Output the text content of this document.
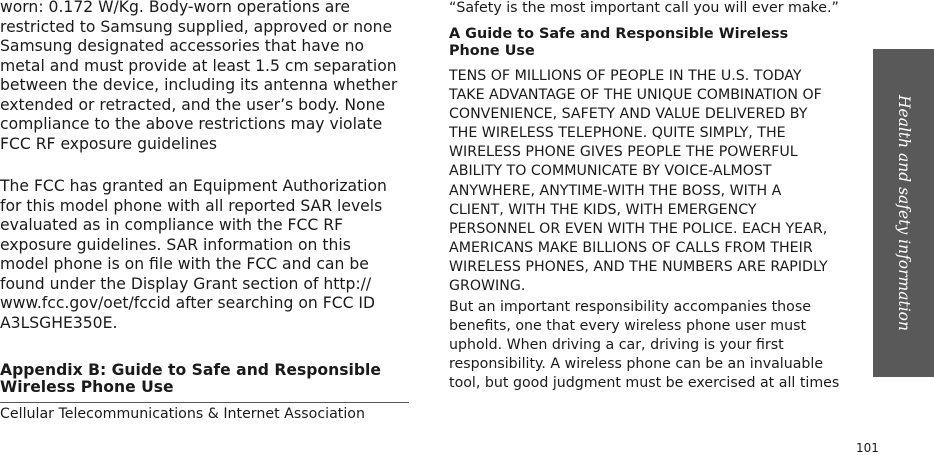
worn: 0.172 W/Kg. Body-worn operations are

restricted to Samsung supplied, approved or none

Samsung designated accessories that have no

metal and must provide at least 1.5 cm separation

between the device, including its antenna whether

extended or retracted, and the user’s body. None

compliance to the above restrictions may violate

FCC RF exposure guidelines

The FCC has granted an Equipment Authorization

for this model phone with all reported SAR levels

evaluated as in compliance with the FCC RF

exposure guidelines. SAR information on this

model phone is on file with the FCC and can be

found under the Display Grant section of http://

www.fcc.gov/oet/fccid after searching on FCC ID

A3LSGHE350E.

Appendix B: Guide to Safe and Responsible

Wireless Phone Use

Cellular Telecommunications & Internet Association

“Safety is the most important call you will ever make.”

A Guide to Safe and Responsible Wireless

Phone Use

TENS OF MILLIONS OF PEOPLE IN THE U.S. TODAY

TAKE ADVANTAGE OF THE UNIQUE COMBINATION OF

CONVENIENCE, SAFETY AND VALUE DELIVERED BY

THE WIRELESS TELEPHONE. QUITE SIMPLY, THE

WIRELESS PHONE GIVES PEOPLE THE POWERFUL

ABILITY TO COMMUNICATE BY VOICE-ALMOST

ANYWHERE, ANYTIME-WITH THE BOSS, WITH A

CLIENT, WITH THE KIDS, WITH EMERGENCY

PERSONNEL OR EVEN WITH THE POLICE. EACH YEAR,

AMERICANS MAKE BILLIONS OF CALLS FROM THEIR

WIRELESS PHONES, AND THE NUMBERS ARE RAPIDLY

GROWING.

But an important responsibility accompanies those

benefits, one that every wireless phone user must

uphold. When driving a car, driving is your first

responsibility. A wireless phone can be an invaluable

tool, but good judgment must be exercised at all times

Health and safety information
101
